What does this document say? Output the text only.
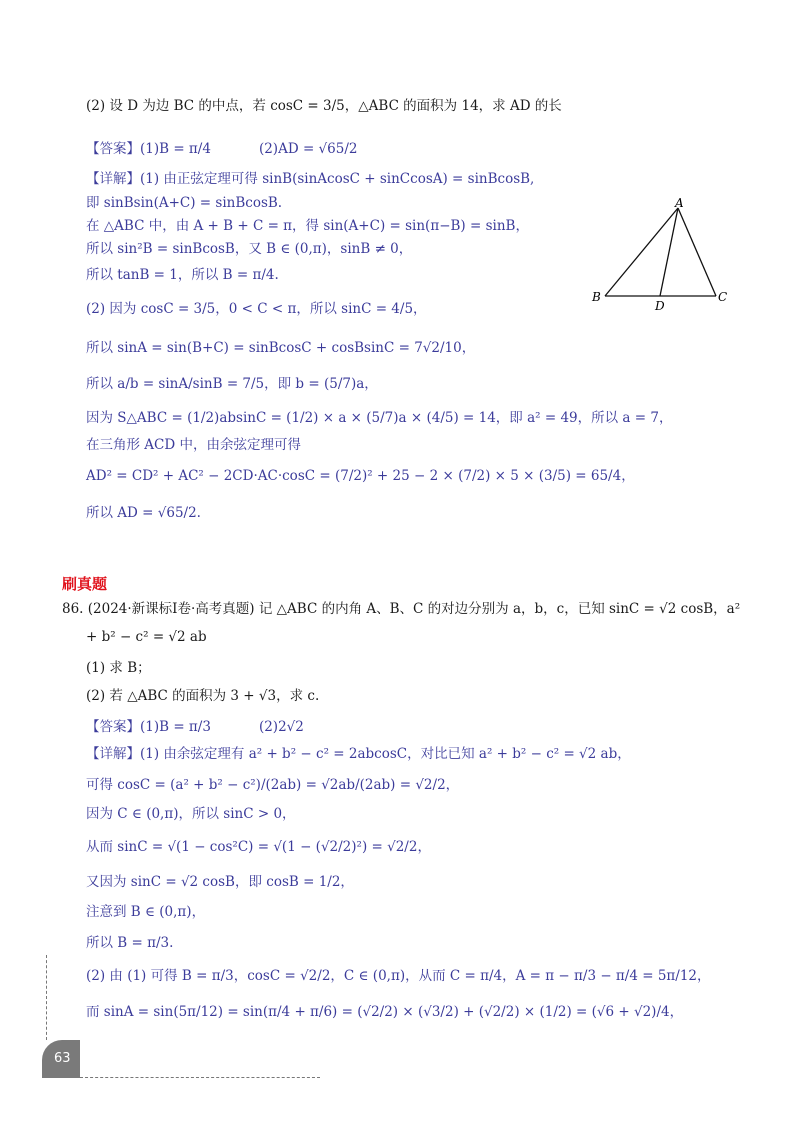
(2) 设 D 为边 BC 的中点，若 cosC = 3/5，△ABC 的面积为 14，求 AD 的长
【答案】(1)B = π/4	(2)AD = √65/2
【详解】(1) 由正弦定理可得 sinB(sinAcosC + sinCcosA) = sinBcosB,
即 sinBsin(A+C) = sinBcosB.
在 △ABC 中，由 A + B + C = π，得 sin(A+C) = sin(π−B) = sinB，
所以 sin²B = sinBcosB，又 B ∈ (0,π)，sinB ≠ 0，
所以 tanB = 1，所以 B = π/4.
(2) 因为 cosC = 3/5，0 < C < π，所以 sinC = 4/5，
所以 sinA = sin(B+C) = sinBcosC + cosBsinC = 7√2/10，
所以 a/b = sinA/sinB = 7/5，即 b = (5/7)a，
因为 S△ABC = (1/2)absinC = (1/2) × a × (5/7)a × (4/5) = 14，即 a² = 49，所以 a = 7，
在三角形 ACD 中，由余弦定理可得
AD² = CD² + AC² − 2CD·AC·cosC = (7/2)² + 25 − 2 × (7/2) × 5 × (3/5) = 65/4，
所以 AD = √65/2.
A
B	C
D
刷真题
86. (2024·新课标Ⅰ卷·高考真题) 记 △ABC 的内角 A、B、C 的对边分别为 a，b，c，已知 sinC = √2 cosB，a²
+ b² − c² = √2 ab
(1) 求 B；
(2) 若 △ABC 的面积为 3 + √3，求 c.
【答案】(1)B = π/3	(2)2√2
【详解】(1) 由余弦定理有 a² + b² − c² = 2abcosC，对比已知 a² + b² − c² = √2 ab，
可得 cosC = (a² + b² − c²)/(2ab) = √2ab/(2ab) = √2/2，
因为 C ∈ (0,π)，所以 sinC > 0，
从而 sinC = √(1 − cos²C) = √(1 − (√2/2)²) = √2/2，
又因为 sinC = √2 cosB，即 cosB = 1/2，
注意到 B ∈ (0,π)，
所以 B = π/3.
(2) 由 (1) 可得 B = π/3，cosC = √2/2，C ∈ (0,π)，从而 C = π/4，A = π − π/3 − π/4 = 5π/12，
而 sinA = sin(5π/12) = sin(π/4 + π/6) = (√2/2) × (√3/2) + (√2/2) × (1/2) = (√6 + √2)/4，
63
